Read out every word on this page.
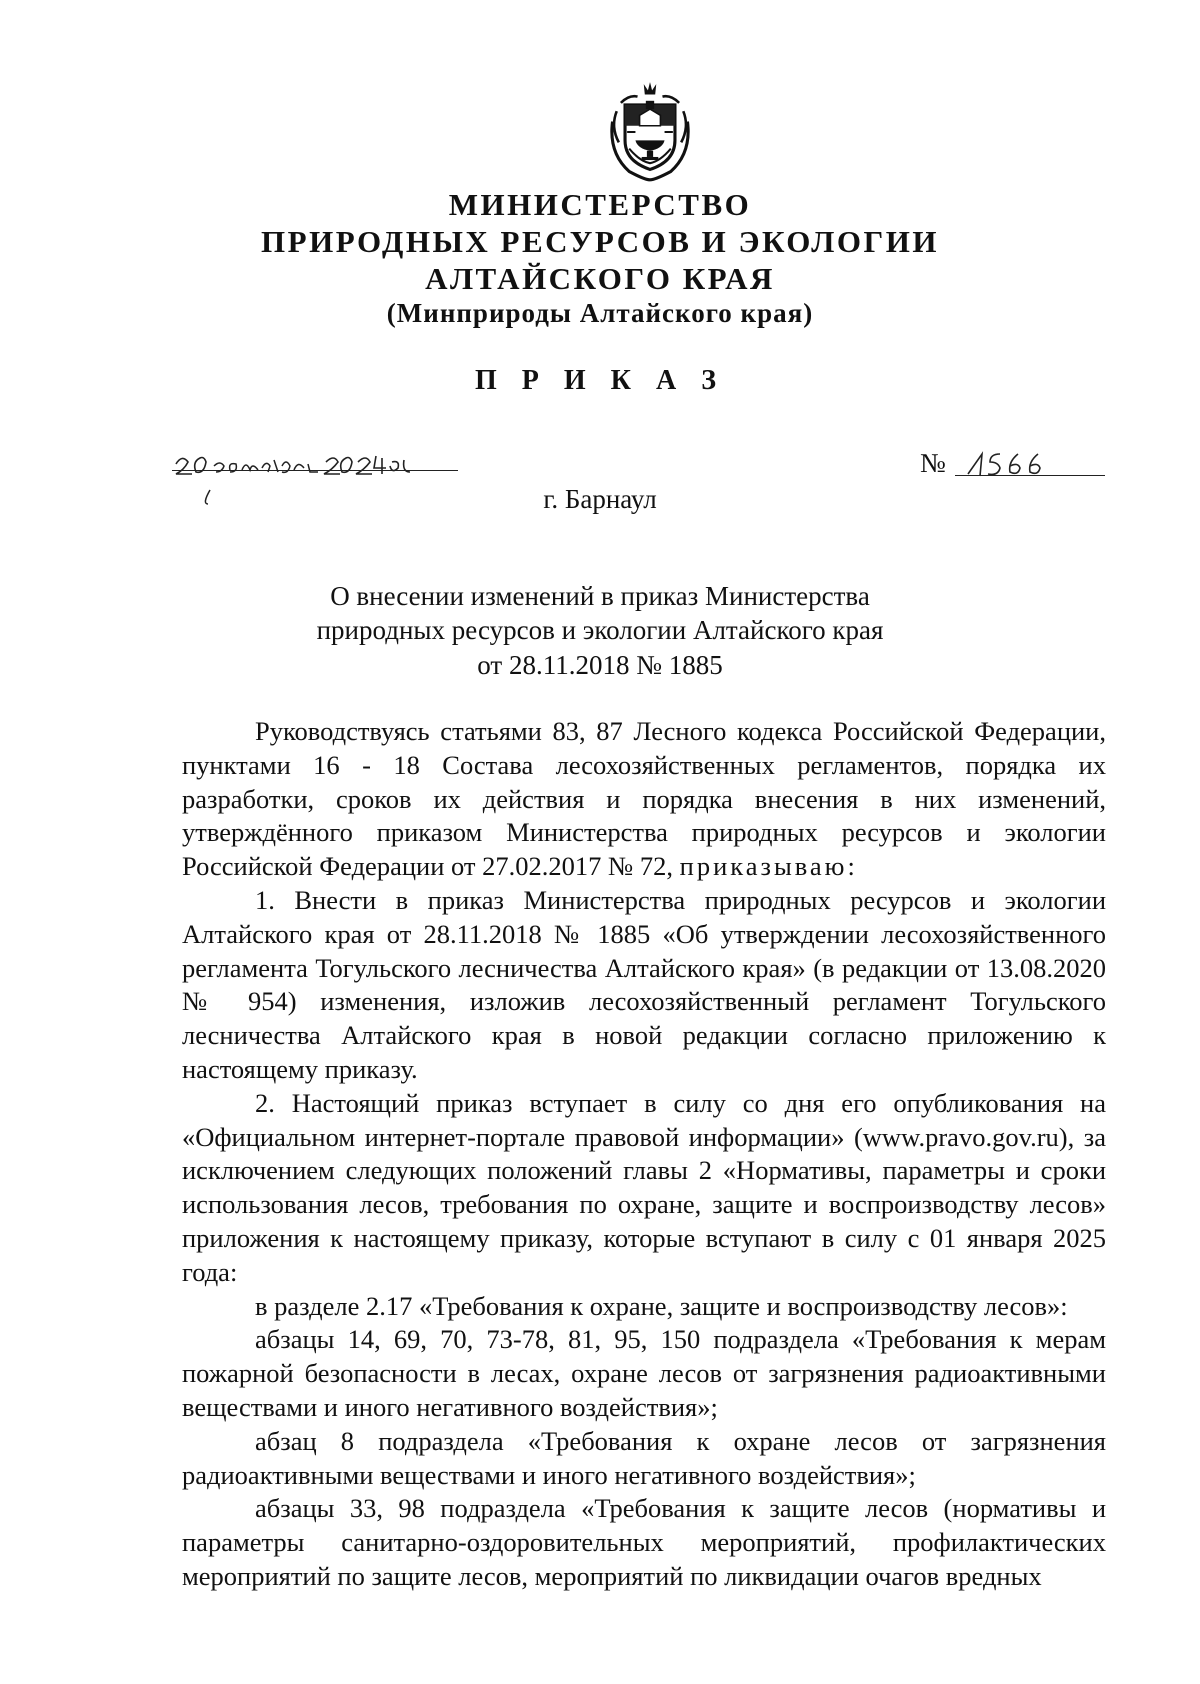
МИНИСТЕРСТВО
ПРИРОДНЫХ РЕСУРСОВ И ЭКОЛОГИИ
АЛТАЙСКОГО КРАЯ
(Минприроды Алтайского края)
П Р И К А З
№
г. Барнаул
О внесении изменений в приказ Министерства
природных ресурсов и экологии Алтайского края
от 28.11.2018 № 1885

Руководствуясь статьями 83, 87 Лесного кодекса Российской Федерации, пунктами 16 - 18 Состава лесохозяйственных регламентов, порядка их разработки, сроков их действия и порядка внесения в них изменений, утверждённого приказом Министерства природных ресурсов и экологии Российской Федерации от 27.02.2017 № 72, приказываю:

1. Внести в приказ Министерства природных ресурсов и экологии Алтайского края от 28.11.2018 № 1885 «Об утверждении лесохозяйственного регламента Тогульского лесничества Алтайского края» (в редакции от 13.08.2020 № 954) изменения, изложив лесохозяйственный регламент Тогульского лесничества Алтайского края в новой редакции согласно приложению к настоящему приказу.

2. Настоящий приказ вступает в силу со дня его опубликования на «Официальном интернет-портале правовой информации» (www.pravo.gov.ru), за исключением следующих положений главы 2 «Нормативы, параметры и сроки использования лесов, требования по охране, защите и воспроизводству лесов» приложения к настоящему приказу, которые вступают в силу с 01 января 2025 года:

в разделе 2.17 «Требования к охране, защите и воспроизводству лесов»:

абзацы 14, 69, 70, 73-78, 81, 95, 150 подраздела «Требования к мерам пожарной безопасности в лесах, охране лесов от загрязнения радиоактивными веществами и иного негативного воздействия»;

абзац 8 подраздела «Требования к охране лесов от загрязнения радиоактивными веществами и иного негативного воздействия»;

абзацы 33, 98 подраздела «Требования к защите лесов (нормативы и параметры санитарно-оздоровительных мероприятий, профилактических мероприятий по защите лесов, мероприятий по ликвидации очагов вредных
